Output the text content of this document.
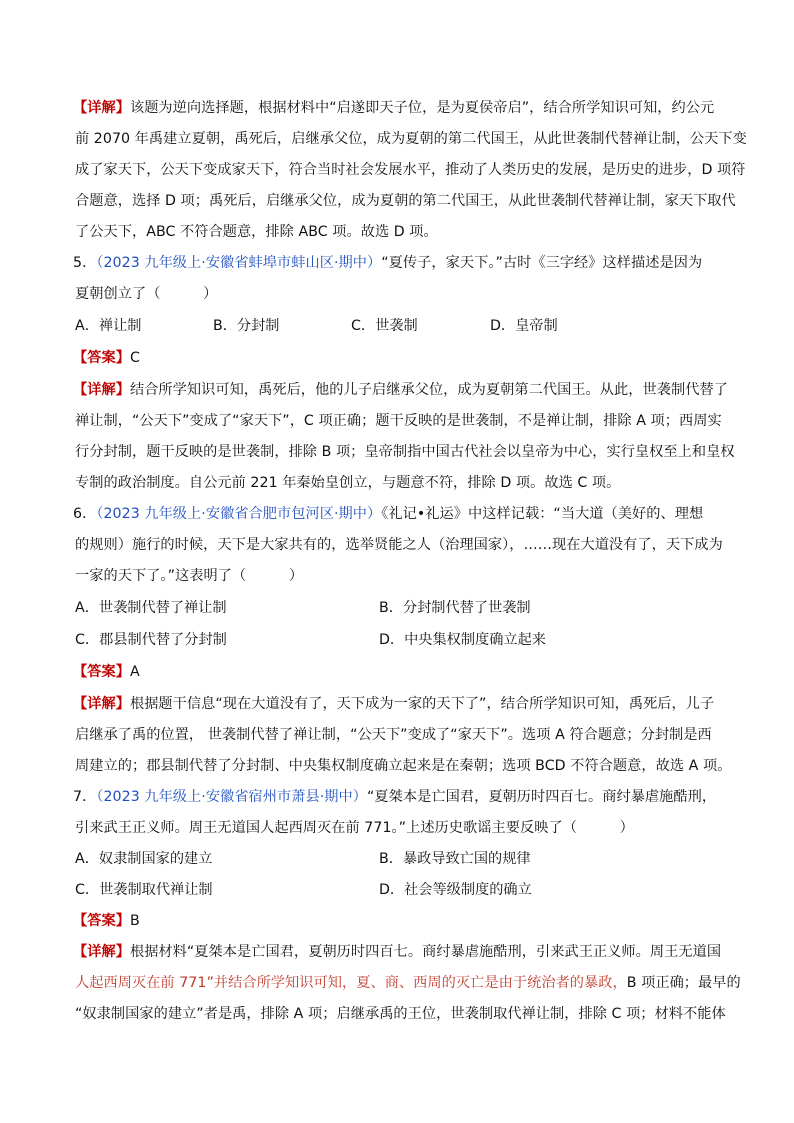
【详解】该题为逆向选择题，根据材料中“启遂即天子位，是为夏侯帝启”，结合所学知识可知，约公元
前 2070 年禹建立夏朝，禹死后，启继承父位，成为夏朝的第二代国王，从此世袭制代替禅让制，公天下变
成了家天下，公天下变成家天下，符合当时社会发展水平，推动了人类历史的发展，是历史的进步，D 项符
合题意，选择 D 项；禹死后，启继承父位，成为夏朝的第二代国王，从此世袭制代替禅让制，家天下取代
了公天下，ABC 不符合题意，排除 ABC 项。故选 D 项。
5．（2023 九年级上·安徽省蚌埠市蚌山区·期中）“夏传子，家天下。”古时《三字经》这样描述是因为
夏朝创立了（　　　）
A．禅让制	B．分封制	C．世袭制	D．皇帝制
【答案】C
【详解】结合所学知识可知，禹死后，他的儿子启继承父位，成为夏朝第二代国王。从此，世袭制代替了
禅让制，“公天下”变成了“家天下”，C 项正确；题干反映的是世袭制，不是禅让制，排除 A 项；西周实
行分封制，题干反映的是世袭制，排除 B 项；皇帝制指中国古代社会以皇帝为中心，实行皇权至上和皇权
专制的政治制度。自公元前 221 年秦始皇创立，与题意不符，排除 D 项。故选 C 项。
6．（2023 九年级上·安徽省合肥市包河区·期中）《礼记•礼运》中这样记载：“当大道（美好的、理想
的规则）施行的时候，天下是大家共有的，选举贤能之人（治理国家），……现在大道没有了，天下成为
一家的天下了。”这表明了（　　　）
A．世袭制代替了禅让制	B．分封制代替了世袭制
C．郡县制代替了分封制	D．中央集权制度确立起来
【答案】A
【详解】根据题干信息“现在大道没有了，天下成为一家的天下了”，结合所学知识可知，禹死后，儿子
启继承了禹的位置， 世袭制代替了禅让制，“公天下”变成了“家天下”。选项 A 符合题意；分封制是西
周建立的；郡县制代替了分封制、中央集权制度确立起来是在秦朝；选项 BCD 不符合题意，故选 A 项。
7．（2023 九年级上·安徽省宿州市萧县·期中）“夏桀本是亡国君，夏朝历时四百七。商纣暴虐施酷刑，
引来武王正义师。周王无道国人起西周灭在前 771。”上述历史歌谣主要反映了（　　　）
A．奴隶制国家的建立	B．暴政导致亡国的规律
C．世袭制取代禅让制	D．社会等级制度的确立
【答案】B
【详解】根据材料“夏桀本是亡国君，夏朝历时四百七。商纣暴虐施酷刑，引来武王正义师。周王无道国
人起西周灭在前 771”并结合所学知识可知，夏、商、西周的灭亡是由于统治者的暴政，B 项正确；最早的
“奴隶制国家的建立”者是禹，排除 A 项；启继承禹的王位，世袭制取代禅让制，排除 C 项；材料不能体
